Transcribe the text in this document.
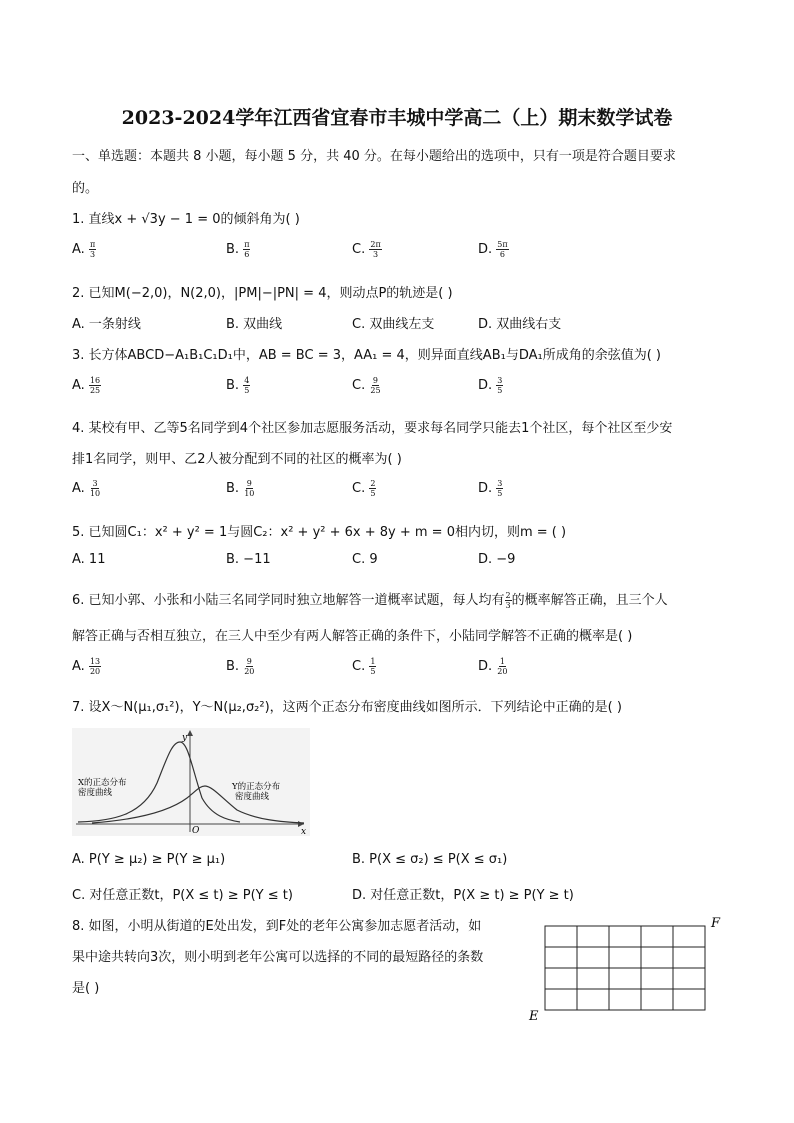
2023-2024学年江西省宜春市丰城中学高二（上）期末数学试卷
一、单选题：本题共 8 小题，每小题 5 分，共 40 分。在每小题给出的选项中，只有一项是符合题目要求
的。
1. 直线x + √3y − 1 = 0的倾斜角为( )
A. $\frac{\pi}{3}$	B. $\frac{\pi}{6}$	C. $\frac{2\pi}{3}$	D. $\frac{5\pi}{6}$
2. 已知M(−2,0)，N(2,0)，|PM|−|PN| = 4，则动点P的轨迹是( )
A. 一条射线	B. 双曲线	C. 双曲线左支	D. 双曲线右支
3. 长方体ABCD−A₁B₁C₁D₁中，AB = BC = 3，AA₁ = 4，则异面直线AB₁与DA₁所成角的余弦值为( )
A. $\frac{16}{25}$	B. $\frac{4}{5}$	C. $\frac{9}{25}$	D. $\frac{3}{5}$
4. 某校有甲、乙等5名同学到4个社区参加志愿服务活动，要求每名同学只能去1个社区，每个社区至少安
排1名同学，则甲、乙2人被分配到不同的社区的概率为( )
A. $\frac{3}{10}$	B. $\frac{9}{10}$	C. $\frac{2}{5}$	D. $\frac{3}{5}$
5. 已知圆C₁：x² + y² = 1与圆C₂：x² + y² + 6x + 8y + m = 0相内切，则m = ( )
A. 11	B. −11	C. 9	D. −9
6. 已知小郭、小张和小陆三名同学同时独立地解答一道概率试题，每人均有 $\frac{2}{3}$ 的概率解答正确，且三个人
解答正确与否相互独立，在三人中至少有两人解答正确的条件下，小陆同学解答不正确的概率是( )
A. $\frac{13}{20}$	B. $\frac{9}{20}$	C. $\frac{1}{5}$	D. $\frac{1}{20}$
7. 设X～N(μ₁,σ₁²)，Y～N(μ₂,σ₂²)，这两个正态分布密度曲线如图所示．下列结论中正确的是( )
y
x
O
X的正态分布
密度曲线
Y的正态分布
密度曲线
A. P(Y ≥ μ₂) ≥ P(Y ≥ μ₁)	B. P(X ≤ σ₂) ≤ P(X ≤ σ₁)
C. 对任意正数t，P(X ≤ t) ≥ P(Y ≤ t)	D. 对任意正数t，P(X ≥ t) ≥ P(Y ≥ t)
8. 如图，小明从街道的E处出发，到F处的老年公寓参加志愿者活动，如
果中途共转向3次，则小明到老年公寓可以选择的不同的最短路径的条数
是( )
E
F
